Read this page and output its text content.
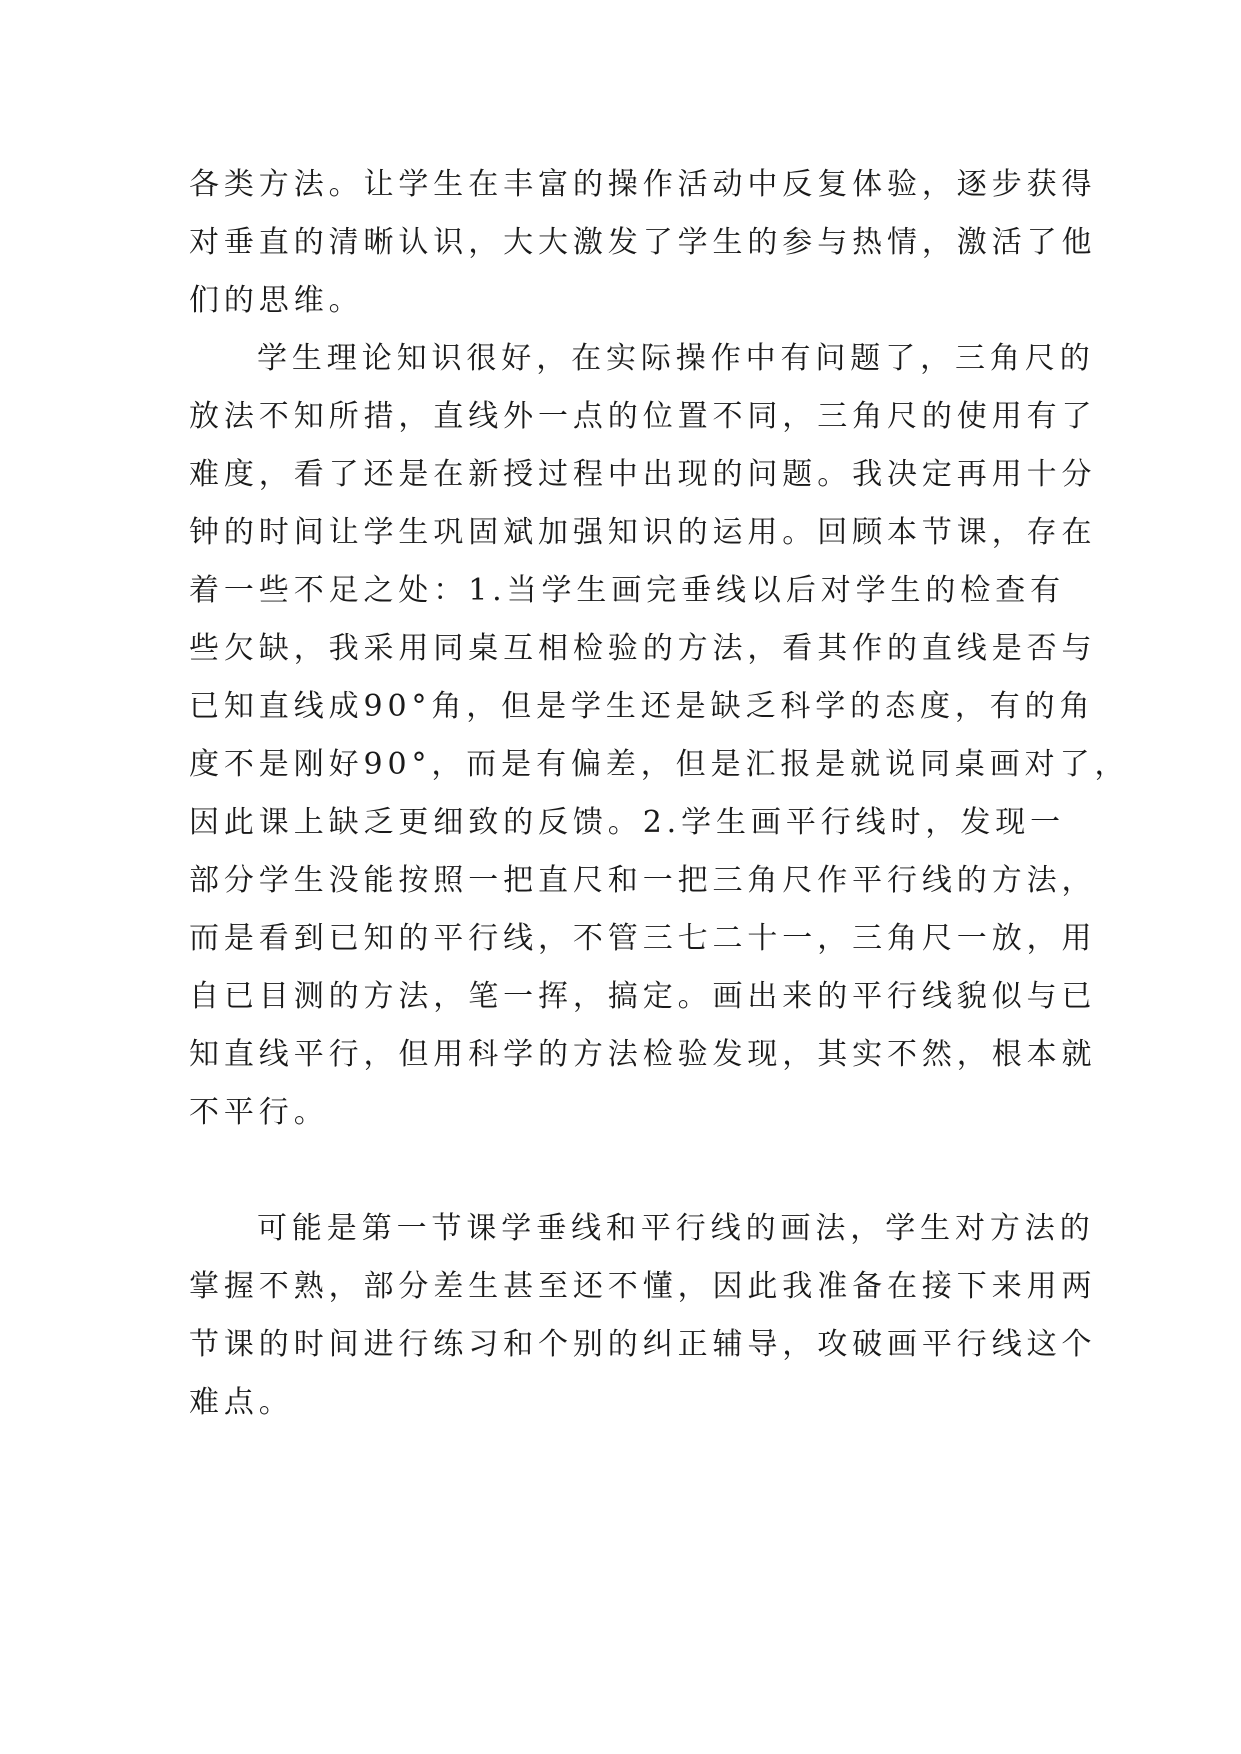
各类方法。让学生在丰富的操作活动中反复体验，逐步获得
对垂直的清晰认识，大大激发了学生的参与热情，激活了他
们的思维。
学生理论知识很好，在实际操作中有问题了，三角尺的
放法不知所措，直线外一点的位置不同，三角尺的使用有了
难度，看了还是在新授过程中出现的问题。我决定再用十分
钟的时间让学生巩固斌加强知识的运用。回顾本节课，存在
着一些不足之处：1.当学生画完垂线以后对学生的检查有
些欠缺，我采用同桌互相检验的方法，看其作的直线是否与
已知直线成90°角，但是学生还是缺乏科学的态度，有的角
度不是刚好90°，而是有偏差，但是汇报是就说同桌画对了，
因此课上缺乏更细致的反馈。2.学生画平行线时，发现一
部分学生没能按照一把直尺和一把三角尺作平行线的方法，
而是看到已知的平行线，不管三七二十一，三角尺一放，用
自已目测的方法，笔一挥，搞定。画出来的平行线貌似与已
知直线平行，但用科学的方法检验发现，其实不然，根本就
不平行。
可能是第一节课学垂线和平行线的画法，学生对方法的
掌握不熟，部分差生甚至还不懂，因此我准备在接下来用两
节课的时间进行练习和个别的纠正辅导，攻破画平行线这个
难点。
